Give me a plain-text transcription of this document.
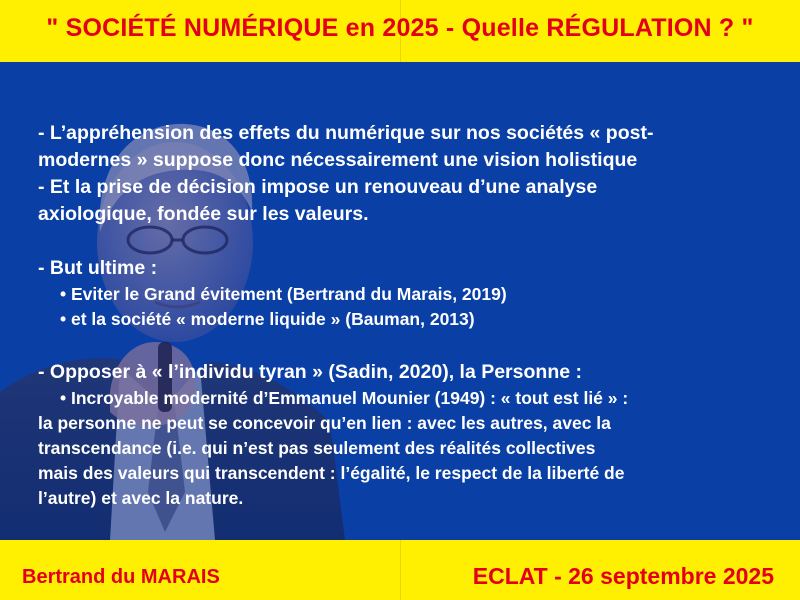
" SOCIÉTÉ NUMÉRIQUE en 2025 - Quelle RÉGULATION ? "

- L’appréhension des effets du numérique sur nos sociétés « post-

modernes » suppose donc nécessairement une vision holistique

- Et la prise de décision impose un renouveau d’une analyse

axiologique, fondée sur les valeurs.

- But ultime :

• Eviter le Grand évitement (Bertrand du Marais, 2019)

• et la société « moderne liquide » (Bauman, 2013)

- Opposer à « l’individu tyran » (Sadin, 2020), la Personne :

• Incroyable modernité d’Emmanuel Mounier (1949) : « tout est lié » :

la personne ne peut se concevoir qu’en lien : avec les autres, avec la

transcendance (i.e. qui n’est pas seulement des réalités collectives

mais des valeurs qui transcendent : l’égalité, le respect de la liberté de

l’autre) et avec la nature.

Bertrand du MARAIS	ECLAT - 26 septembre 2025
